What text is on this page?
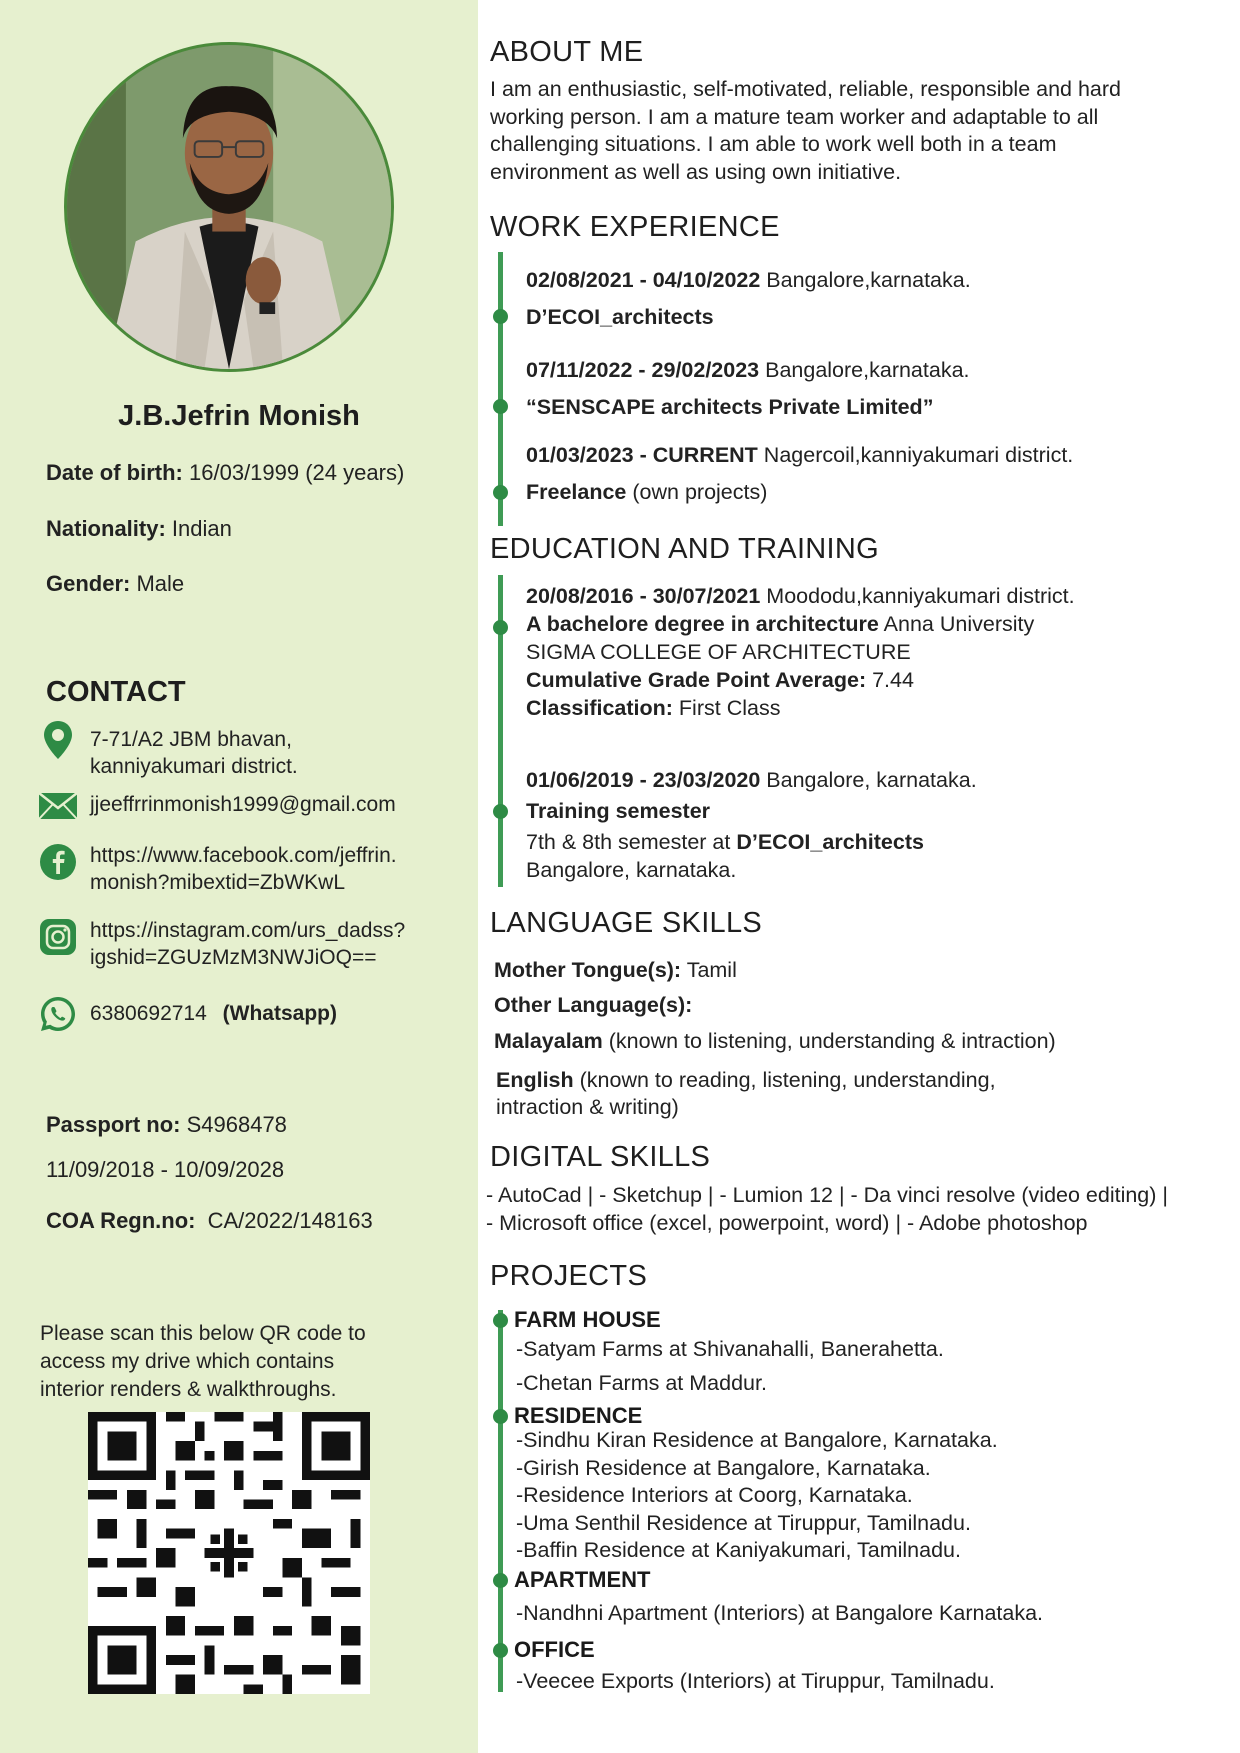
J.B.Jefrin Monish
Date of birth: 16/03/1999 (24 years)
Nationality: Indian
Gender: Male
CONTACT
7-71/A2 JBM bhavan,
kanniyakumari district.
jjeeffrrinmonish1999@gmail.com
https://www.facebook.com/jeffrin.
monish?mibextid=ZbWKwL
https://instagram.com/urs_dadss?
igshid=ZGUzMzM3NWJiOQ==
6380692714 (Whatsapp)
Passport no: S4968478
11/09/2018 - 10/09/2028
COA Regn.no: CA/2022/148163
Please scan this below QR code to
access my drive which contains
interior renders & walkthroughs.
ABOUT ME
I am an enthusiastic, self-motivated, reliable, responsible and hard
working person. I am a mature team worker and adaptable to all
challenging situations. I am able to work well both in a team
environment as well as using own initiative.
WORK EXPERIENCE
02/08/2021 - 04/10/2022 Bangalore,karnataka.
D’ECOI_architects
07/11/2022 - 29/02/2023 Bangalore,karnataka.
“SENSCAPE architects Private Limited”
01/03/2023 - CURRENT Nagercoil,kanniyakumari district.
Freelance (own projects)
EDUCATION AND TRAINING
20/08/2016 - 30/07/2021 Moododu,kanniyakumari district.
A bachelore degree in architecture Anna University
SIGMA COLLEGE OF ARCHITECTURE
Cumulative Grade Point Average: 7.44
Classification: First Class
01/06/2019 - 23/03/2020 Bangalore, karnataka.
Training semester
7th & 8th semester at D’ECOI_architects
Bangalore, karnataka.
LANGUAGE SKILLS
Mother Tongue(s): Tamil
Other Language(s):
Malayalam (known to listening, understanding & intraction)
English (known to reading, listening, understanding,
intraction & writing)
DIGITAL SKILLS
- AutoCad | - Sketchup | - Lumion 12 | - Da vinci resolve (video editing) |
- Microsoft office (excel, powerpoint, word) | - Adobe photoshop
PROJECTS
FARM HOUSE
-Satyam Farms at Shivanahalli, Banerahetta.
-Chetan Farms at Maddur.
RESIDENCE
-Sindhu Kiran Residence at Bangalore, Karnataka.
-Girish Residence at Bangalore, Karnataka.
-Residence Interiors at Coorg, Karnataka.
-Uma Senthil Residence at Tiruppur, Tamilnadu.
-Baffin Residence at Kaniyakumari, Tamilnadu.
APARTMENT
-Nandhni Apartment (Interiors) at Bangalore Karnataka.
OFFICE
-Veecee Exports (Interiors) at Tiruppur, Tamilnadu.
